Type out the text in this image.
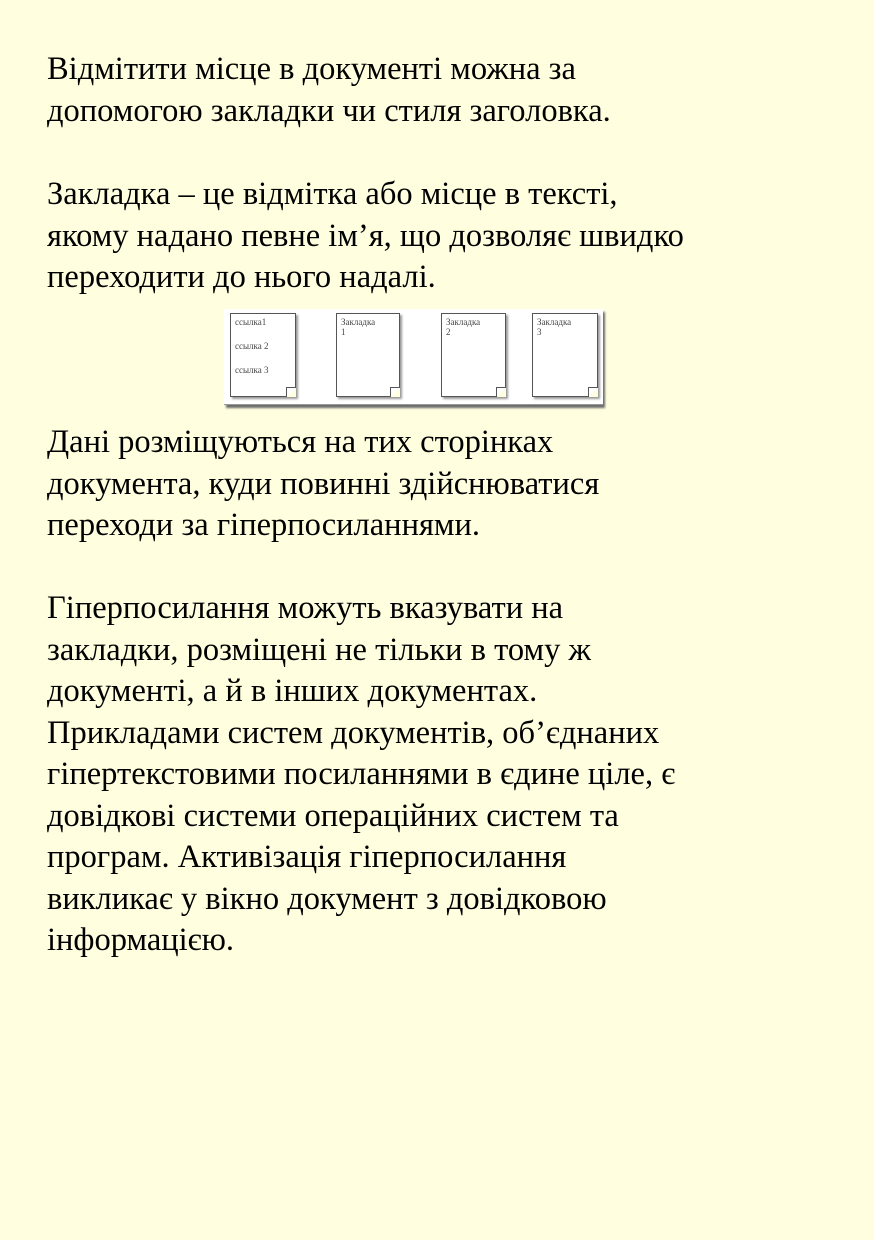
Відмітити місце в документі можна за
допомогою закладки чи стиля заголовка.

Закладка – це відмітка або місце в тексті,
якому надано певне ім’я, що дозволяє швидко
переходити до нього надалі.

ссылка1
ссылка 2
ссылка 3
Закладка
1
Закладка
2
Закладка
3

Дані розміщуються на тих сторінках
документа, куди повинні здійснюватися
переходи за гіперпосиланнями.

Гіперпосилання можуть вказувати на
закладки, розміщені не тільки в тому ж
документі, а й в інших документах.
Прикладами систем документів, об’єднаних
гіпертекстовими посиланнями в єдине ціле, є
довідкові системи операційних систем та
програм. Активізація гіперпосилання
викликає у вікно документ з довідковою
інформацією.
